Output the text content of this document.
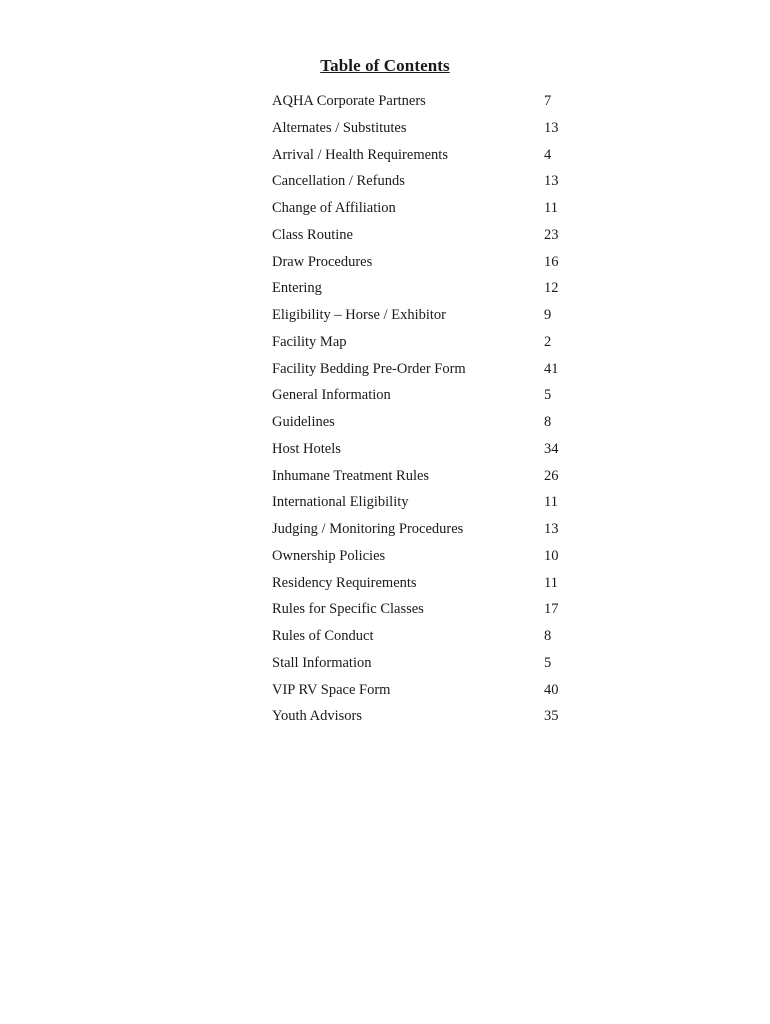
Table of Contents
AQHA Corporate Partners	7
Alternates / Substitutes	13
Arrival / Health Requirements	4
Cancellation / Refunds	13
Change of Affiliation	11
Class Routine	23
Draw Procedures	16
Entering	12
Eligibility – Horse / Exhibitor	9
Facility Map	2
Facility Bedding Pre-Order Form	41
General Information	5
Guidelines	8
Host Hotels	34
Inhumane Treatment Rules	26
International Eligibility	11
Judging / Monitoring Procedures	13
Ownership Policies	10
Residency Requirements	11
Rules for Specific Classes	17
Rules of Conduct	8
Stall Information	5
VIP RV Space Form	40
Youth Advisors	35
